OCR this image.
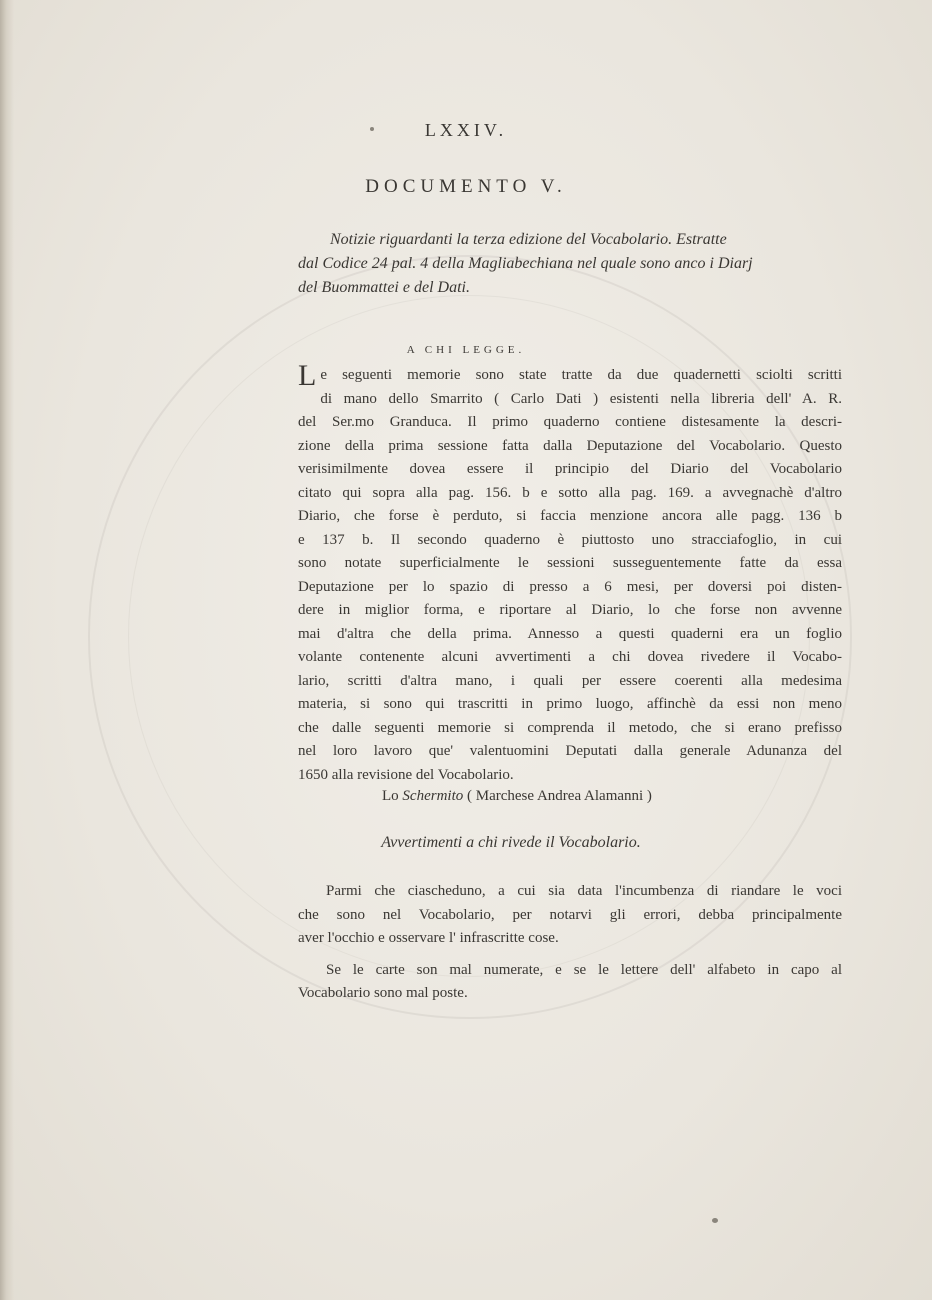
LXXIV.
DOCUMENTO V.
Notizie riguardanti la terza edizione del Vocabolario. Estratte
dal Codice 24 pal. 4 della Magliabechiana nel quale sono anco i Diarj
del Buommattei e del Dati.
A CHI LEGGE.
L e seguenti memorie sono state tratte da due quadernetti sciolti scritti
di mano dello Smarrito ( Carlo Dati ) esistenti nella libreria dell' A. R.
del Ser.mo Granduca. Il primo quaderno contiene distesamente la descri-
zione della prima sessione fatta dalla Deputazione del Vocabolario. Questo
verisimilmente dovea essere il principio del Diario del Vocabolario
citato qui sopra alla pag. 156. b e sotto alla pag. 169. a avvegnachè d'altro
Diario, che forse è perduto, si faccia menzione ancora alle pagg. 136 b
e 137 b. Il secondo quaderno è piuttosto uno stracciafoglio, in cui
sono notate superficialmente le sessioni susseguentemente fatte da essa
Deputazione per lo spazio di presso a 6 mesi, per doversi poi disten-
dere in miglior forma, e riportare al Diario, lo che forse non avvenne
mai d'altra che della prima. Annesso a questi quaderni era un foglio
volante contenente alcuni avvertimenti a chi dovea rivedere il Vocabo-
lario, scritti d'altra mano, i quali per essere coerenti alla medesima
materia, si sono qui trascritti in primo luogo, affinchè da essi non meno
che dalle seguenti memorie si comprenda il metodo, che si erano prefisso
nel loro lavoro que' valentuomini Deputati dalla generale Adunanza del
1650 alla revisione del Vocabolario.
Lo Schermito ( Marchese Andrea Alamanni )
Avvertimenti a chi rivede il Vocabolario.
Parmi che ciascheduno, a cui sia data l'incumbenza di riandare le voci
che sono nel Vocabolario, per notarvi gli errori, debba principalmente
aver l'occhio e osservare l' infrascritte cose.
Se le carte son mal numerate, e se le lettere dell' alfabeto in capo al
Vocabolario sono mal poste.
